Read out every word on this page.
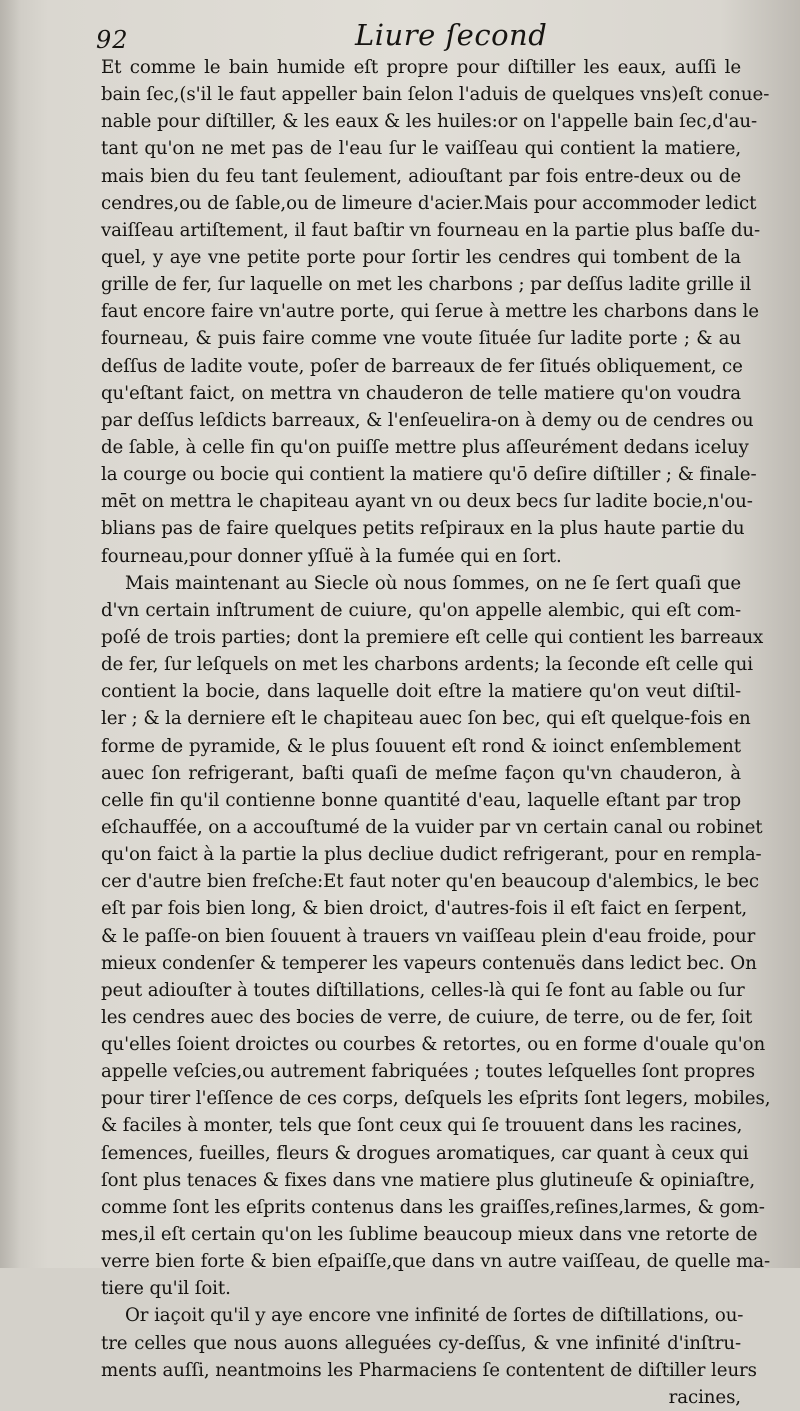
92	Liure ſecond
Et comme le bain humide eſt propre pour diſtiller les eaux, auſſi le
bain ſec,(s'il le faut appeller bain ſelon l'aduis de quelques vns)eſt conue-
nable pour diſtiller, & les eaux & les huiles:or on l'appelle bain ſec,d'au-
tant qu'on ne met pas de l'eau ſur le vaiſſeau qui contient la matiere,
mais bien du feu tant ſeulement, adiouſtant par fois entre-deux ou de
cendres,ou de ſable,ou de limeure d'acier.Mais pour accommoder ledict
vaiſſeau artiſtement, il faut baſtir vn fourneau en la partie plus baſſe du-
quel, y aye vne petite porte pour ſortir les cendres qui tombent de la
grille de fer, ſur laquelle on met les charbons ; par deſſus ladite grille il
faut encore faire vn'autre porte, qui ſerue à mettre les charbons dans le
fourneau, & puis faire comme vne voute ſituée ſur ladite porte ; & au
deſſus de ladite voute, poſer de barreaux de fer ſitués obliquement, ce
qu'eſtant faict, on mettra vn chauderon de telle matiere qu'on voudra
par deſſus leſdicts barreaux, & l'enſeuelira-on à demy ou de cendres ou
de ſable, à celle fin qu'on puiſſe mettre plus aſſeurément dedans iceluy
la courge ou bocie qui contient la matiere qu'ō deſire diſtiller ; & finale-
mēt on mettra le chapiteau ayant vn ou deux becs ſur ladite bocie,n'ou-
blians pas de faire quelques petits reſpiraux en la plus haute partie du
fourneau,pour donner yſſuë à la fumée qui en ſort.
Mais maintenant au Siecle où nous ſommes, on ne ſe ſert quaſi que
d'vn certain inſtrument de cuiure, qu'on appelle alembic, qui eſt com-
poſé de trois parties; dont la premiere eſt celle qui contient les barreaux
de fer, ſur leſquels on met les charbons ardents; la ſeconde eſt celle qui
contient la bocie, dans laquelle doit eſtre la matiere qu'on veut diſtil-
ler ; & la derniere eſt le chapiteau auec ſon bec, qui eſt quelque-fois en
forme de pyramide, & le plus ſouuent eſt rond & ioinct enſemblement
auec ſon refrigerant, baſti quaſi de meſme façon qu'vn chauderon, à
celle fin qu'il contienne bonne quantité d'eau, laquelle eſtant par trop
eſchauffée, on a accouſtumé de la vuider par vn certain canal ou robinet
qu'on faict à la partie la plus decliue dudict refrigerant, pour en rempla-
cer d'autre bien freſche:Et faut noter qu'en beaucoup d'alembics, le bec
eſt par fois bien long, & bien droict, d'autres-fois il eſt faict en ſerpent,
& le paſſe-on bien ſouuent à trauers vn vaiſſeau plein d'eau froide, pour
mieux condenſer & temperer les vapeurs contenuës dans ledict bec. On
peut adiouſter à toutes diſtillations, celles-là qui ſe font au ſable ou ſur
les cendres auec des bocies de verre, de cuiure, de terre, ou de fer, ſoit
qu'elles ſoient droictes ou courbes & retortes, ou en forme d'ouale qu'on
appelle veſcies,ou autrement fabriquées ; toutes leſquelles ſont propres
pour tirer l'eſſence de ces corps, deſquels les eſprits ſont legers, mobiles,
& faciles à monter, tels que ſont ceux qui ſe trouuent dans les racines,
ſemences, fueilles, fleurs & drogues aromatiques, car quant à ceux qui
ſont plus tenaces & fixes dans vne matiere plus glutineuſe & opiniaſtre,
comme ſont les eſprits contenus dans les graiſſes,reſines,larmes, & gom-
mes,il eſt certain qu'on les ſublime beaucoup mieux dans vne retorte de
verre bien forte & bien eſpaiſſe,que dans vn autre vaiſſeau, de quelle ma-
tiere qu'il ſoit.
Or iaçoit qu'il y aye encore vne infinité de ſortes de diſtillations, ou-
tre celles que nous auons alleguées cy-deſſus, & vne infinité d'inſtru-
ments auſſi, neantmoins les Pharmaciens ſe contentent de diſtiller leurs
racines,
